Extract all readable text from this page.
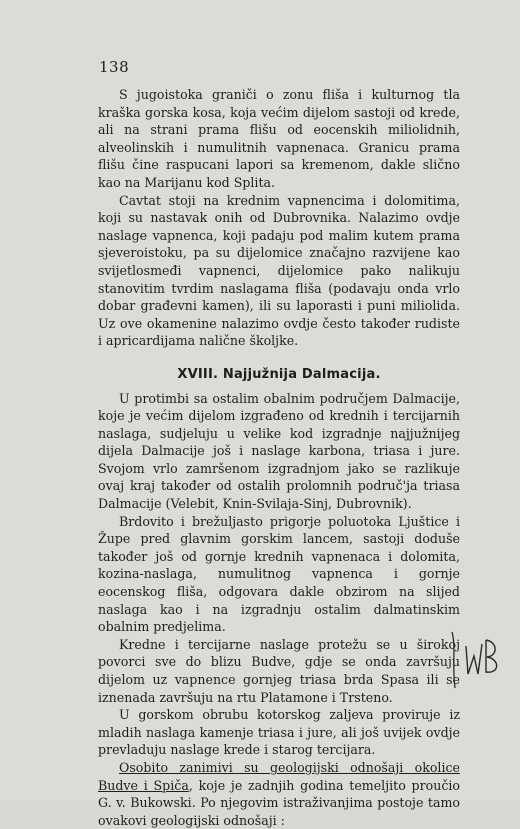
138

S jugoistoka graniči o zonu fliša i kulturnog tla kraška gorska kosa, koja većim dijelom sastoji od krede, ali na strani prama flišu od eocenskih miliolidnih, alveolinskih i numulitnih vapnenaca. Granicu prama flišu čine raspucani lapori sa kremenom, dakle slično kao na Marijanu kod Splita.

Cavtat stoji na krednim vapnencima i dolomitima, koji su nastavak onih od Dubrovnika. Nalazimo ovdje naslage vapnenca, koji padaju pod malim kutem prama sjeveroistoku, pa su dijelomice značajno razvijene kao svijetlosmeđi vapnenci, dijelomice pako nalikuju stanovitim tvrdim naslagama fliša (podavaju onda vrlo dobar građevni kamen), ili su laporasti i puni miliolida. Uz ove okamenine nalazimo ovdje često također rudiste i apricardijama nalične školjke.

XVIII. Najjužnija Dalmacija.

U protimbi sa ostalim obalnim područjem Dalmacije, koje je većim dijelom izgrađeno od krednih i tercijarnih naslaga, sudjeluju u velike kod izgradnje najjužnijeg dijela Dalmacije još i naslage karbona, triasa i jure. Svojom vrlo zamršenom izgradnjom jako se razlikuje ovaj kraj također od ostalih prolomnih područ'ja triasa Dalmacije (Velebit, Knin-Svilaja-Sinj, Dubrovnik).

Brdovito i brežuljasto prigorje poluotoka Ljuštice i Župe pred glavnim gorskim lancem, sastoji doduše također još od gornje krednih vapnenaca i dolomita, kozina-naslaga, numulitnog vapnenca i gornje eocenskog fliša, odgovara dakle obzirom na slijed naslaga kao i na izgradnju ostalim dalmatinskim obalnim predjelima.

Kredne i tercijarne naslage protežu se u širokoj povorci sve do blizu Budve, gdje se onda završuju dijelom uz vapnence gornjeg triasa brda Spasa ili se iznenada završuju na rtu Platamone i Trsteno.

U gorskom obrubu kotorskog zaljeva proviruje iz mladih naslaga kamenje triasa i jure, ali još uvijek ovdje prevladuju naslage krede i starog tercijara.

Osobito zanimivi su geologijski odnošaji okolice Budve i Spiča, koje je zadnjih godina temeljito proučio G. v. Bukowski. Po njegovim istraživanjima postoje tamo ovakovi geologijski odnošaji :
